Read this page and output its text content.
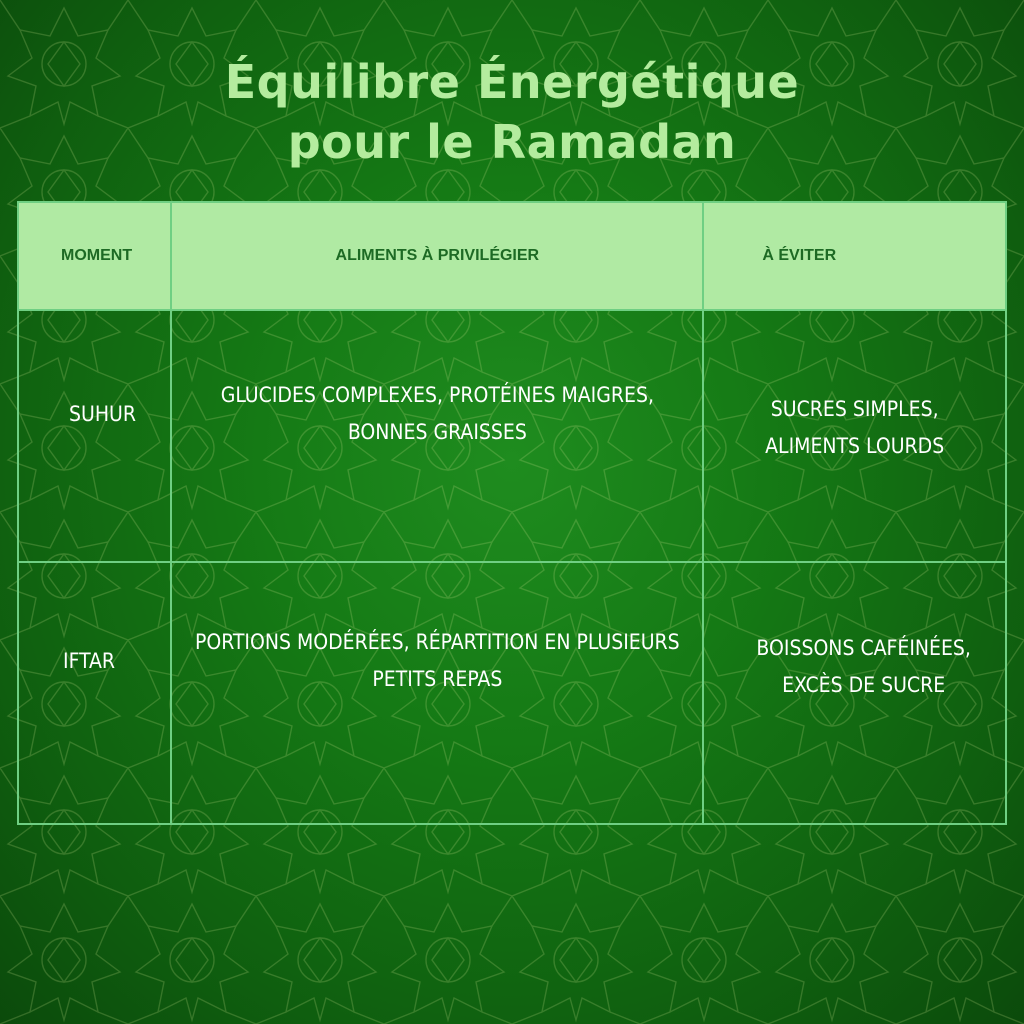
Équilibre Énergétique
pour le Ramadan
MOMENT	ALIMENTS À PRIVILÉGIER	À ÉVITER
SUHUR	GLUCIDES COMPLEXES, PROTÉINES MAIGRES, BONNES GRAISSES	SUCRES SIMPLES, ALIMENTS LOURDS

IFTAR	PORTIONS MODÉRÉES, RÉPARTITION EN PLUSIEURS PETITS REPAS	BOISSONS CAFÉINÉES, EXCÈS DE SUCRE
